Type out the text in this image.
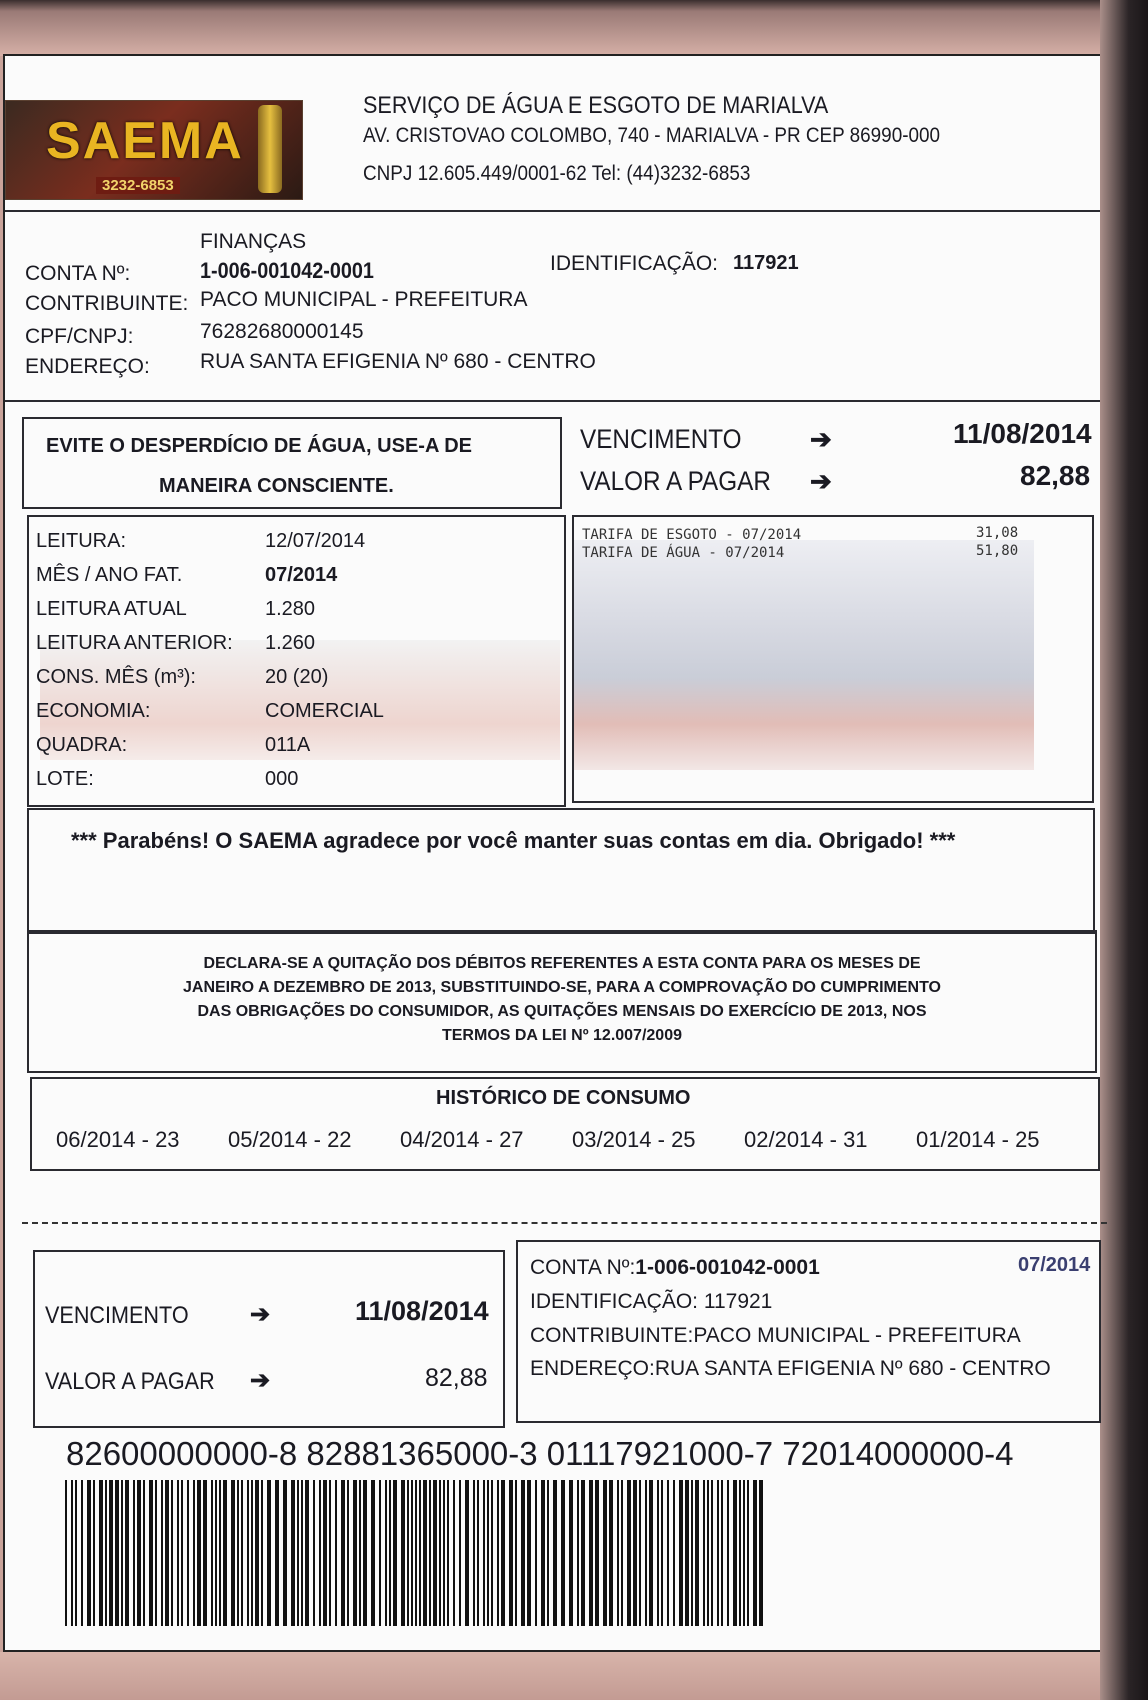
SAEMA
3232-6853
SERVIÇO DE ÁGUA E ESGOTO DE MARIALVA
AV. CRISTOVAO COLOMBO, 740 - MARIALVA - PR CEP 86990-000
CNPJ 12.605.449/0001-62 Tel: (44)3232-6853
FINANÇAS
CONTA Nº:	1-006-001042-0001	IDENTIFICAÇÃO: 117921
CONTRIBUINTE: PACO MUNICIPAL - PREFEITURA
CPF/CNPJ:	76282680000145
ENDEREÇO: RUA SANTA EFIGENIA Nº 680 - CENTRO
EVITE O DESPERDÍCIO DE ÁGUA, USE-A DE
MANEIRA CONSCIENTE.
VENCIMENTO	➔	11/08/2014
VALOR A PAGAR ➔	82,88
LEITURA:	12/07/2014
MÊS / ANO FAT.	07/2014
LEITURA ATUAL	1.280
LEITURA ANTERIOR: 1.260
CONS. MÊS (m³):	20 (20)
ECONOMIA:	COMERCIAL
QUADRA:	011A
LOTE:	000
TARIFA DE ESGOTO - 07/2014	31,08
TARIFA DE ÁGUA - 07/2014	51,80
*** Parabéns! O SAEMA agradece por você manter suas contas em dia. Obrigado! ***
DECLARA-SE A QUITAÇÃO DOS DÉBITOS REFERENTES A ESTA CONTA PARA OS MESES DE
JANEIRO A DEZEMBRO DE 2013, SUBSTITUINDO-SE, PARA A COMPROVAÇÃO DO CUMPRIMENTO
DAS OBRIGAÇÕES DO CONSUMIDOR, AS QUITAÇÕES MENSAIS DO EXERCÍCIO DE 2013, NOS
TERMOS DA LEI Nº 12.007/2009
HISTÓRICO DE CONSUMO
06/2014 - 23	05/2014 - 22	04/2014 - 27	03/2014 - 25	02/2014 - 31	01/2014 - 25
VENCIMENTO	➔	11/08/2014
VALOR A PAGAR ➔	82,88
CONTA Nº:1-006-001042-0001	07/2014
IDENTIFICAÇÃO: 117921
CONTRIBUINTE:PACO MUNICIPAL - PREFEITURA
ENDEREÇO:RUA SANTA EFIGENIA Nº 680 - CENTRO
82600000000-8 82881365000-3 01117921000-7 72014000000-4
